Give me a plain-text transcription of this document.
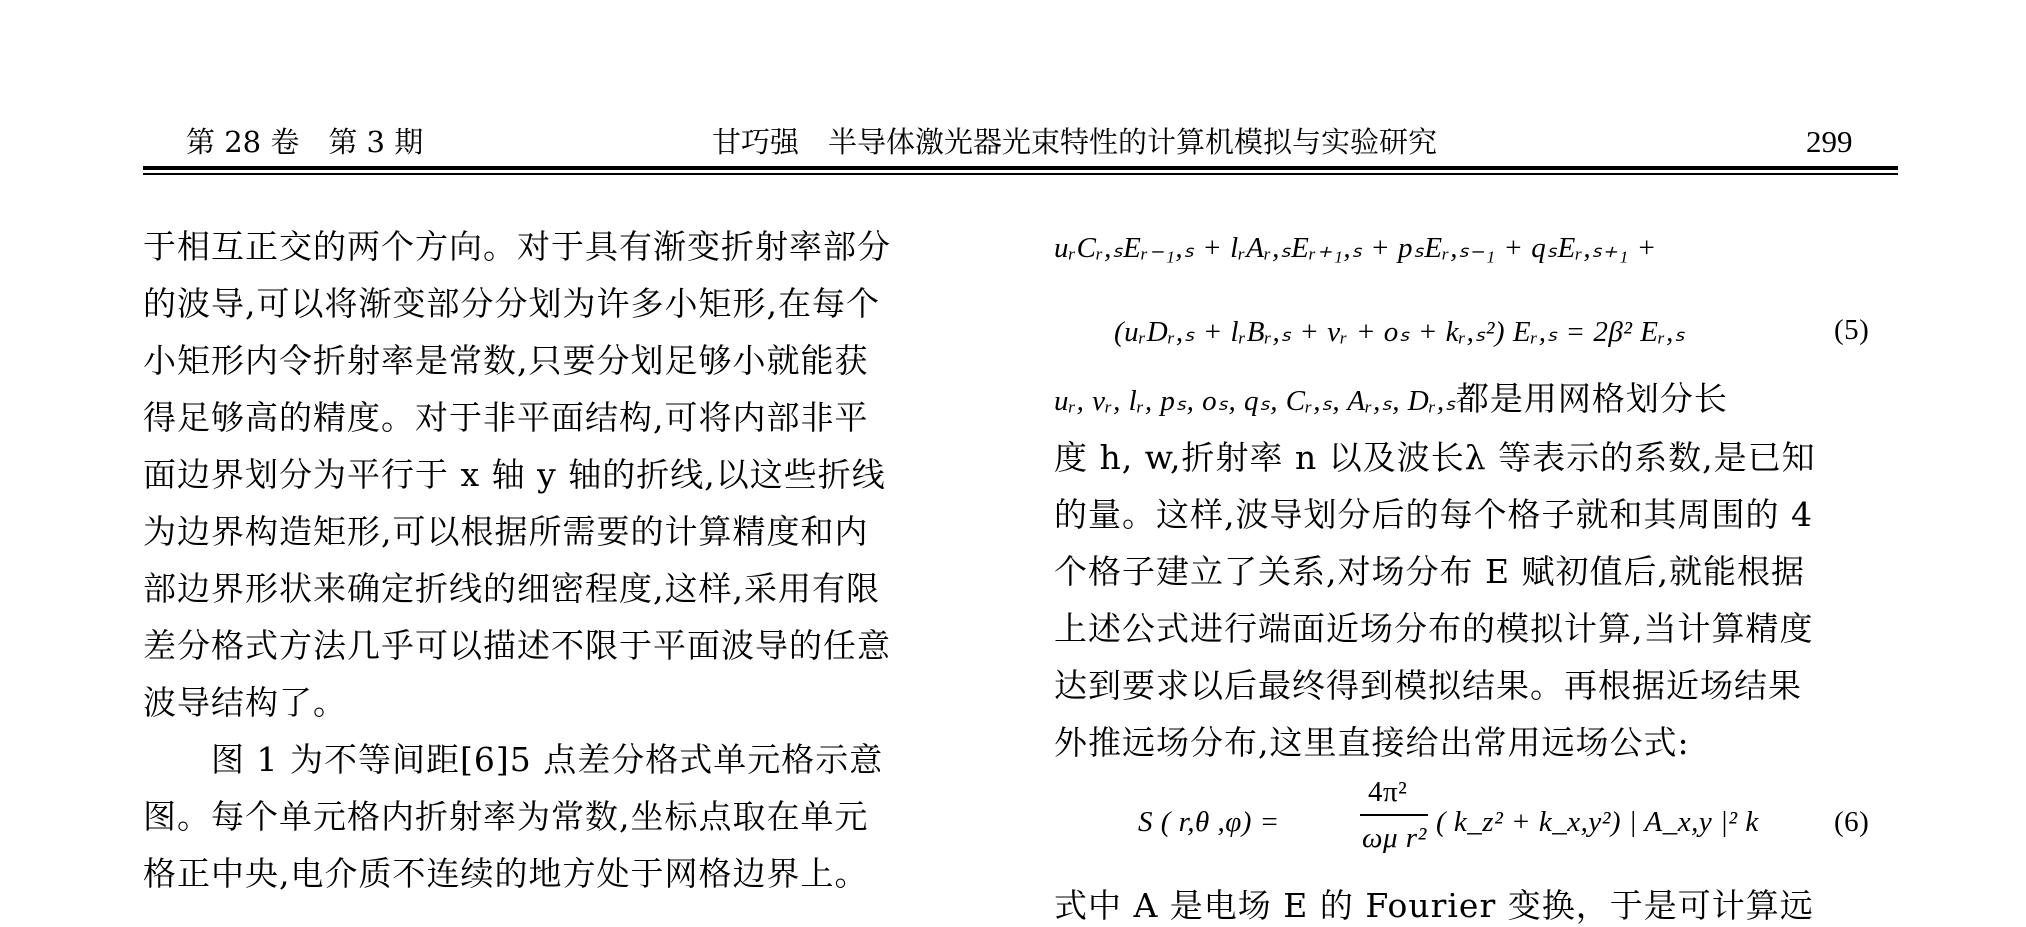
第 28 卷　第 3 期	甘巧强　半导体激光器光束特性的计算机模拟与实验研究	299
于相互正交的两个方向。对于具有渐变折射率部分
的波导,可以将渐变部分分划为许多小矩形,在每个
小矩形内令折射率是常数,只要分划足够小就能获
得足够高的精度。对于非平面结构,可将内部非平
面边界划分为平行于 x 轴 y 轴的折线,以这些折线
为边界构造矩形,可以根据所需要的计算精度和内
部边界形状来确定折线的细密程度,这样,采用有限
差分格式方法几乎可以描述不限于平面波导的任意
波导结构了。
　　图 1 为不等间距[6]5 点差分格式单元格示意
图。每个单元格内折射率为常数,坐标点取在单元
格正中央,电介质不连续的地方处于网格边界上。
uᵣCᵣ,ₛEᵣ₋₁,ₛ + lᵣAᵣ,ₛEᵣ₊₁,ₛ + pₛEᵣ,ₛ₋₁ + qₛEᵣ,ₛ₊₁ +
(uᵣDᵣ,ₛ + lᵣBᵣ,ₛ + vᵣ + oₛ + kᵣ,ₛ²) Eᵣ,ₛ = 2β² Eᵣ,ₛ	(5)
uᵣ, vᵣ, lᵣ, pₛ, oₛ, qₛ, Cᵣ,ₛ, Aᵣ,ₛ, Dᵣ,ₛ都是用网格划分长
度 h, w,折射率 n 以及波长λ 等表示的系数,是已知
的量。这样,波导划分后的每个格子就和其周围的 4
个格子建立了关系,对场分布 E 赋初值后,就能根据
上述公式进行端面近场分布的模拟计算,当计算精度
达到要求以后最终得到模拟结果。再根据近场结果
外推远场分布,这里直接给出常用远场公式:
S ( r,θ ,φ) =
4π²
ωμ r² ( k_z² + k_x,y²) | A_x,y |² k	(6)
式中 A 是电场 E 的 Fourier 变换，于是可计算远
